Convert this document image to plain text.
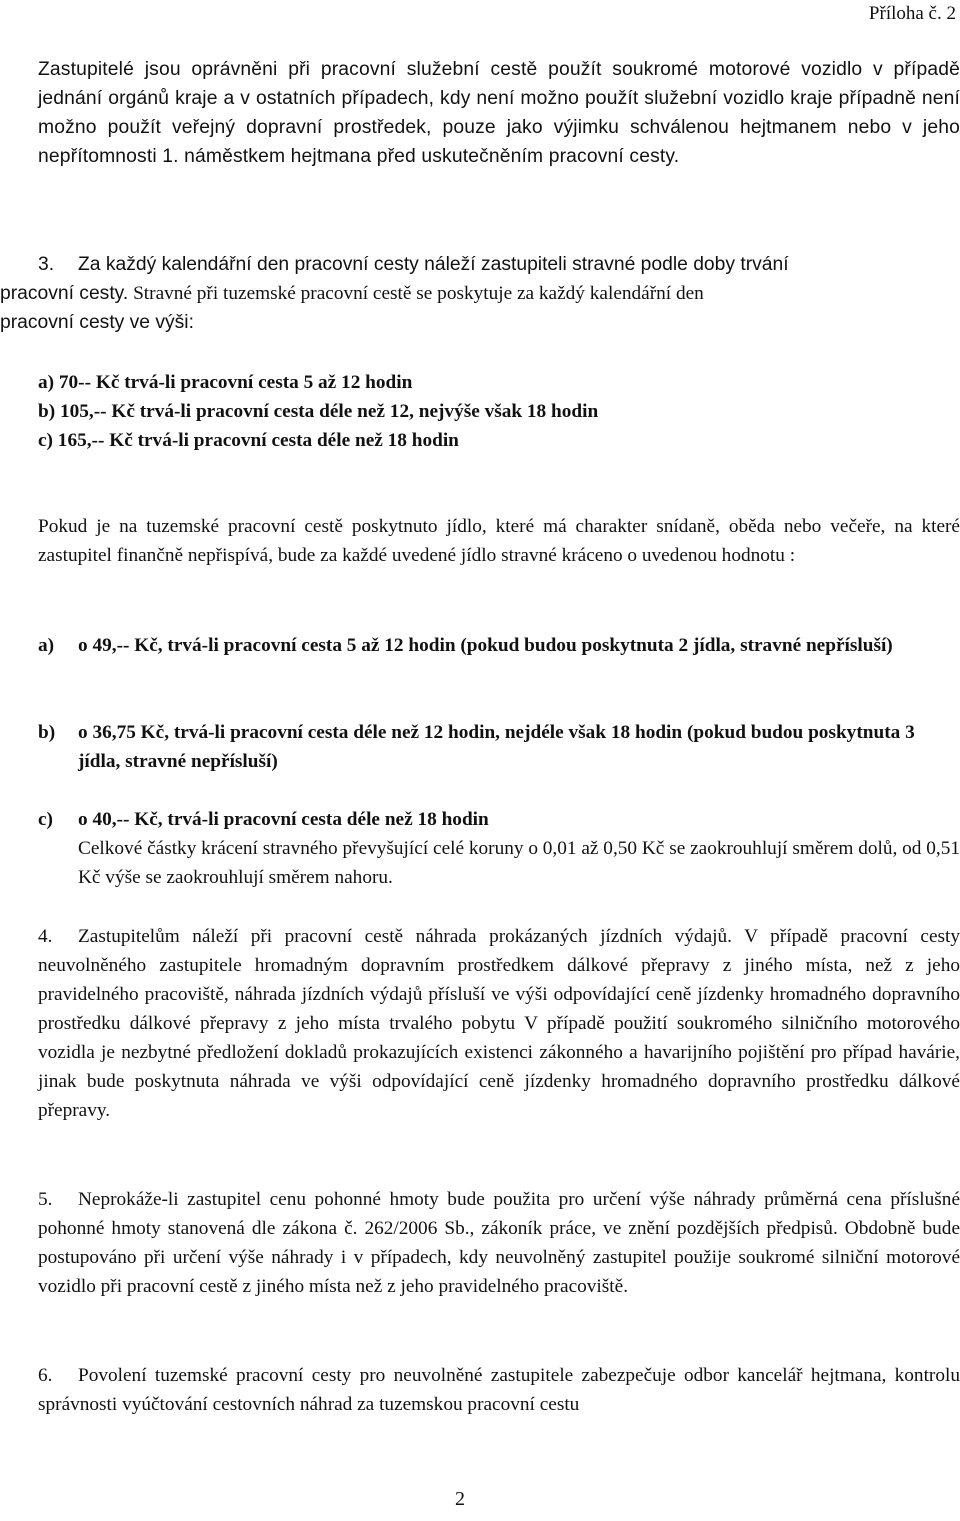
Příloha č. 2
Zastupitelé jsou oprávněni při pracovní služební cestě použít soukromé motorové vozidlo v případě jednání orgánů kraje a v ostatních případech, kdy není možno použít služební vozidlo kraje případně není možno použít veřejný dopravní prostředek, pouze jako výjimku schválenou hejtmanem nebo v jeho nepřítomnosti 1. náměstkem hejtmana před uskutečněním pracovní cesty.
3. Za každý kalendářní den pracovní cesty náleží zastupiteli stravné podle doby trvání
pracovní cesty. Stravné při tuzemské pracovní cestě se poskytuje za každý kalendářní den
pracovní cesty ve výši:
a) 70-- Kč trvá-li pracovní cesta 5 až 12 hodin
b) 105,-- Kč trvá-li pracovní cesta déle než 12, nejvýše však 18 hodin
c) 165,-- Kč trvá-li pracovní cesta déle než 18 hodin
Pokud je na tuzemské pracovní cestě poskytnuto jídlo, které má charakter snídaně, oběda nebo večeře, na které zastupitel finančně nepřispívá, bude za každé uvedené jídlo stravné kráceno o uvedenou hodnotu :
a) o 49,-- Kč, trvá-li pracovní cesta 5 až 12 hodin (pokud budou poskytnuta 2 jídla, stravné nepřísluší)
b) o 36,75 Kč, trvá-li pracovní cesta déle než 12 hodin, nejdéle však 18 hodin (pokud budou poskytnuta 3 jídla, stravné nepřísluší)
c) o 40,-- Kč, trvá-li pracovní cesta déle než 18 hodin
Celkové částky krácení stravného převyšující celé koruny o 0,01 až 0,50 Kč se zaokrouhlují směrem dolů, od 0,51 Kč výše se zaokrouhlují směrem nahoru.
4.	Zastupitelům náleží při pracovní cestě náhrada prokázaných jízdních výdajů. V případě pracovní cesty neuvolněného zastupitele hromadným dopravním prostředkem dálkové přepravy z jiného místa, než z jeho pravidelného pracoviště, náhrada jízdních výdajů přísluší ve výši odpovídající ceně jízdenky hromadného dopravního prostředku dálkové přepravy z jeho místa trvalého pobytu V případě použití soukromého silničního motorového vozidla je nezbytné předložení dokladů prokazujících existenci zákonného a havarijního pojištění pro případ havárie, jinak bude poskytnuta náhrada ve výši odpovídající ceně jízdenky hromadného dopravního prostředku dálkové přepravy.
5.	Neprokáže-li zastupitel cenu pohonné hmoty bude použita pro určení výše náhrady průměrná cena příslušné pohonné hmoty stanovená dle zákona č. 262/2006 Sb., zákoník práce, ve znění pozdějších předpisů. Obdobně bude postupováno při určení výše náhrady i v případech, kdy neuvolněný zastupitel použije soukromé silniční motorové vozidlo při pracovní cestě z jiného místa než z jeho pravidelného pracoviště.
6.	Povolení tuzemské pracovní cesty pro neuvolněné zastupitele zabezpečuje odbor kancelář hejtmana, kontrolu správnosti vyúčtování cestovních náhrad za tuzemskou pracovní cestu
2
